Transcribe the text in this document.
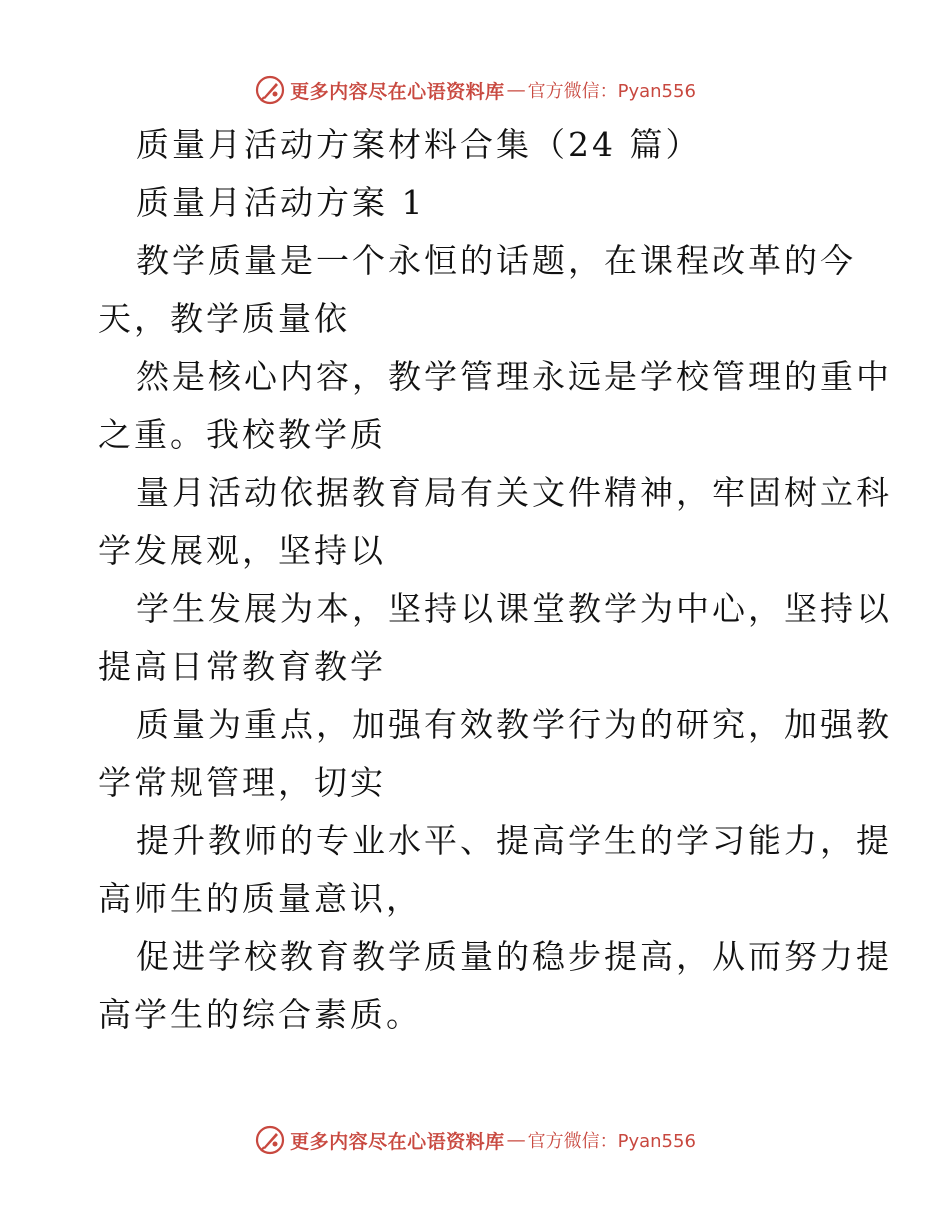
更多内容尽在心语资料库 — 官方微信：Pyan556
质量月活动方案材料合集（24 篇）
质量月活动方案 1
教学质量是一个永恒的话题，在课程改革的今
天，教学质量依
然是核心内容，教学管理永远是学校管理的重中
之重。我校教学质
量月活动依据教育局有关文件精神，牢固树立科
学发展观，坚持以
学生发展为本，坚持以课堂教学为中心，坚持以
提高日常教育教学
质量为重点，加强有效教学行为的研究，加强教
学常规管理，切实
提升教师的专业水平、提高学生的学习能力，提
高师生的质量意识，
促进学校教育教学质量的稳步提高，从而努力提
高学生的综合素质。
更多内容尽在心语资料库 — 官方微信：Pyan556
